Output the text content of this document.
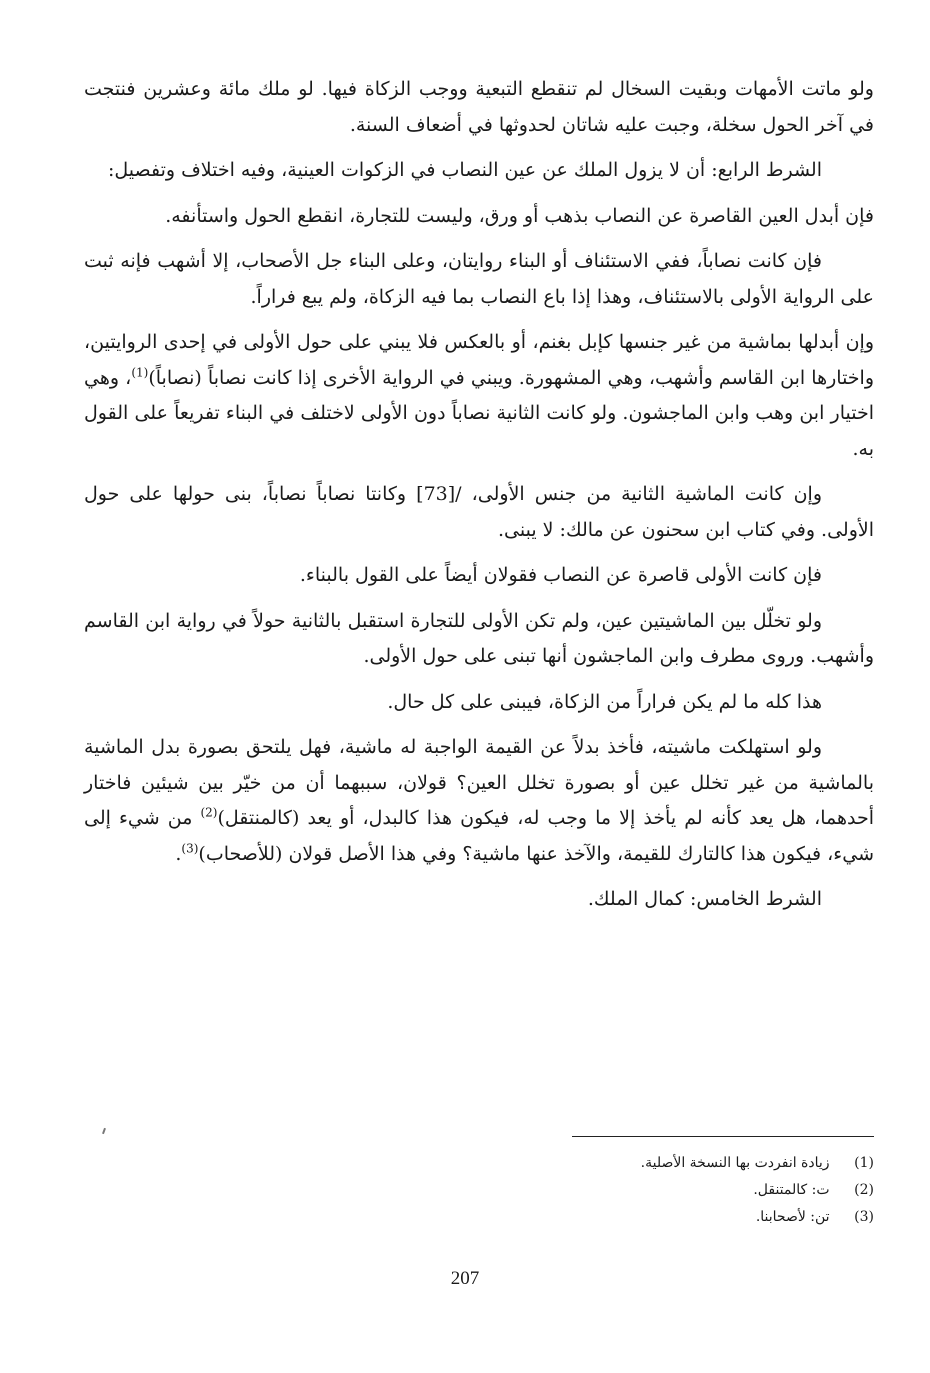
ولو ماتت الأمهات وبقيت السخال لم تنقطع التبعية ووجب الزكاة فيها. لو ملك مائة وعشرين فنتجت في آخر الحول سخلة، وجبت عليه شاتان لحدوثها في أضعاف السنة.

الشرط الرابع: أن لا يزول الملك عن عين النصاب في الزكوات العينية، وفيه اختلاف وتفصيل:

فإن أبدل العين القاصرة عن النصاب بذهب أو ورق، وليست للتجارة، انقطع الحول واستأنفه.

فإن كانت نصاباً، ففي الاستئناف أو البناء روايتان، وعلى البناء جل الأصحاب، إلا أشهب فإنه ثبت على الرواية الأولى بالاستئناف، وهذا إذا باع النصاب بما فيه الزكاة، ولم يبع فراراً.

وإن أبدلها بماشية من غير جنسها كإبل بغنم، أو بالعكس فلا يبني على حول الأولى في إحدى الروايتين، واختارها ابن القاسم وأشهب، وهي المشهورة. ويبني في الرواية الأخرى إذا كانت نصاباً (نصاباً)$^{(1)}$، وهي اختيار ابن وهب وابن الماجشون. ولو كانت الثانية نصاباً دون الأولى لاختلف في البناء تفريعاً على القول به.

وإن كانت الماشية الثانية من جنس الأولى، /[73] وكانتا نصاباً نصاباً، بنى حولها على حول الأولى. وفي كتاب ابن سحنون عن مالك: لا يبنى.

فإن كانت الأولى قاصرة عن النصاب فقولان أيضاً على القول بالبناء.

ولو تخلّل بين الماشيتين عين، ولم تكن الأولى للتجارة استقبل بالثانية حولاً في رواية ابن القاسم وأشهب. وروى مطرف وابن الماجشون أنها تبنى على حول الأولى.

هذا كله ما لم يكن فراراً من الزكاة، فيبنى على كل حال.

ولو استهلكت ماشيته، فأخذ بدلاً عن القيمة الواجبة له ماشية، فهل يلتحق بصورة بدل الماشية بالماشية من غير تخلل عين أو بصورة تخلل العين؟ قولان، سببهما أن من خيّر بين شيئين فاختار أحدهما، هل يعد كأنه لم يأخذ إلا ما وجب له، فيكون هذا كالبدل، أو يعد (كالمنتقل)$^{(2)}$ من شيء إلى شيء، فيكون هذا كالتارك للقيمة، والآخذ عنها ماشية؟ وفي هذا الأصل قولان (للأصحاب)$^{(3)}$.

الشرط الخامس: كمال الملك.

(1) زيادة انفردت بها النسخة الأصلية.
(2) ت: كالمتنقل.
(3) تن: لأصحابنا.
207
